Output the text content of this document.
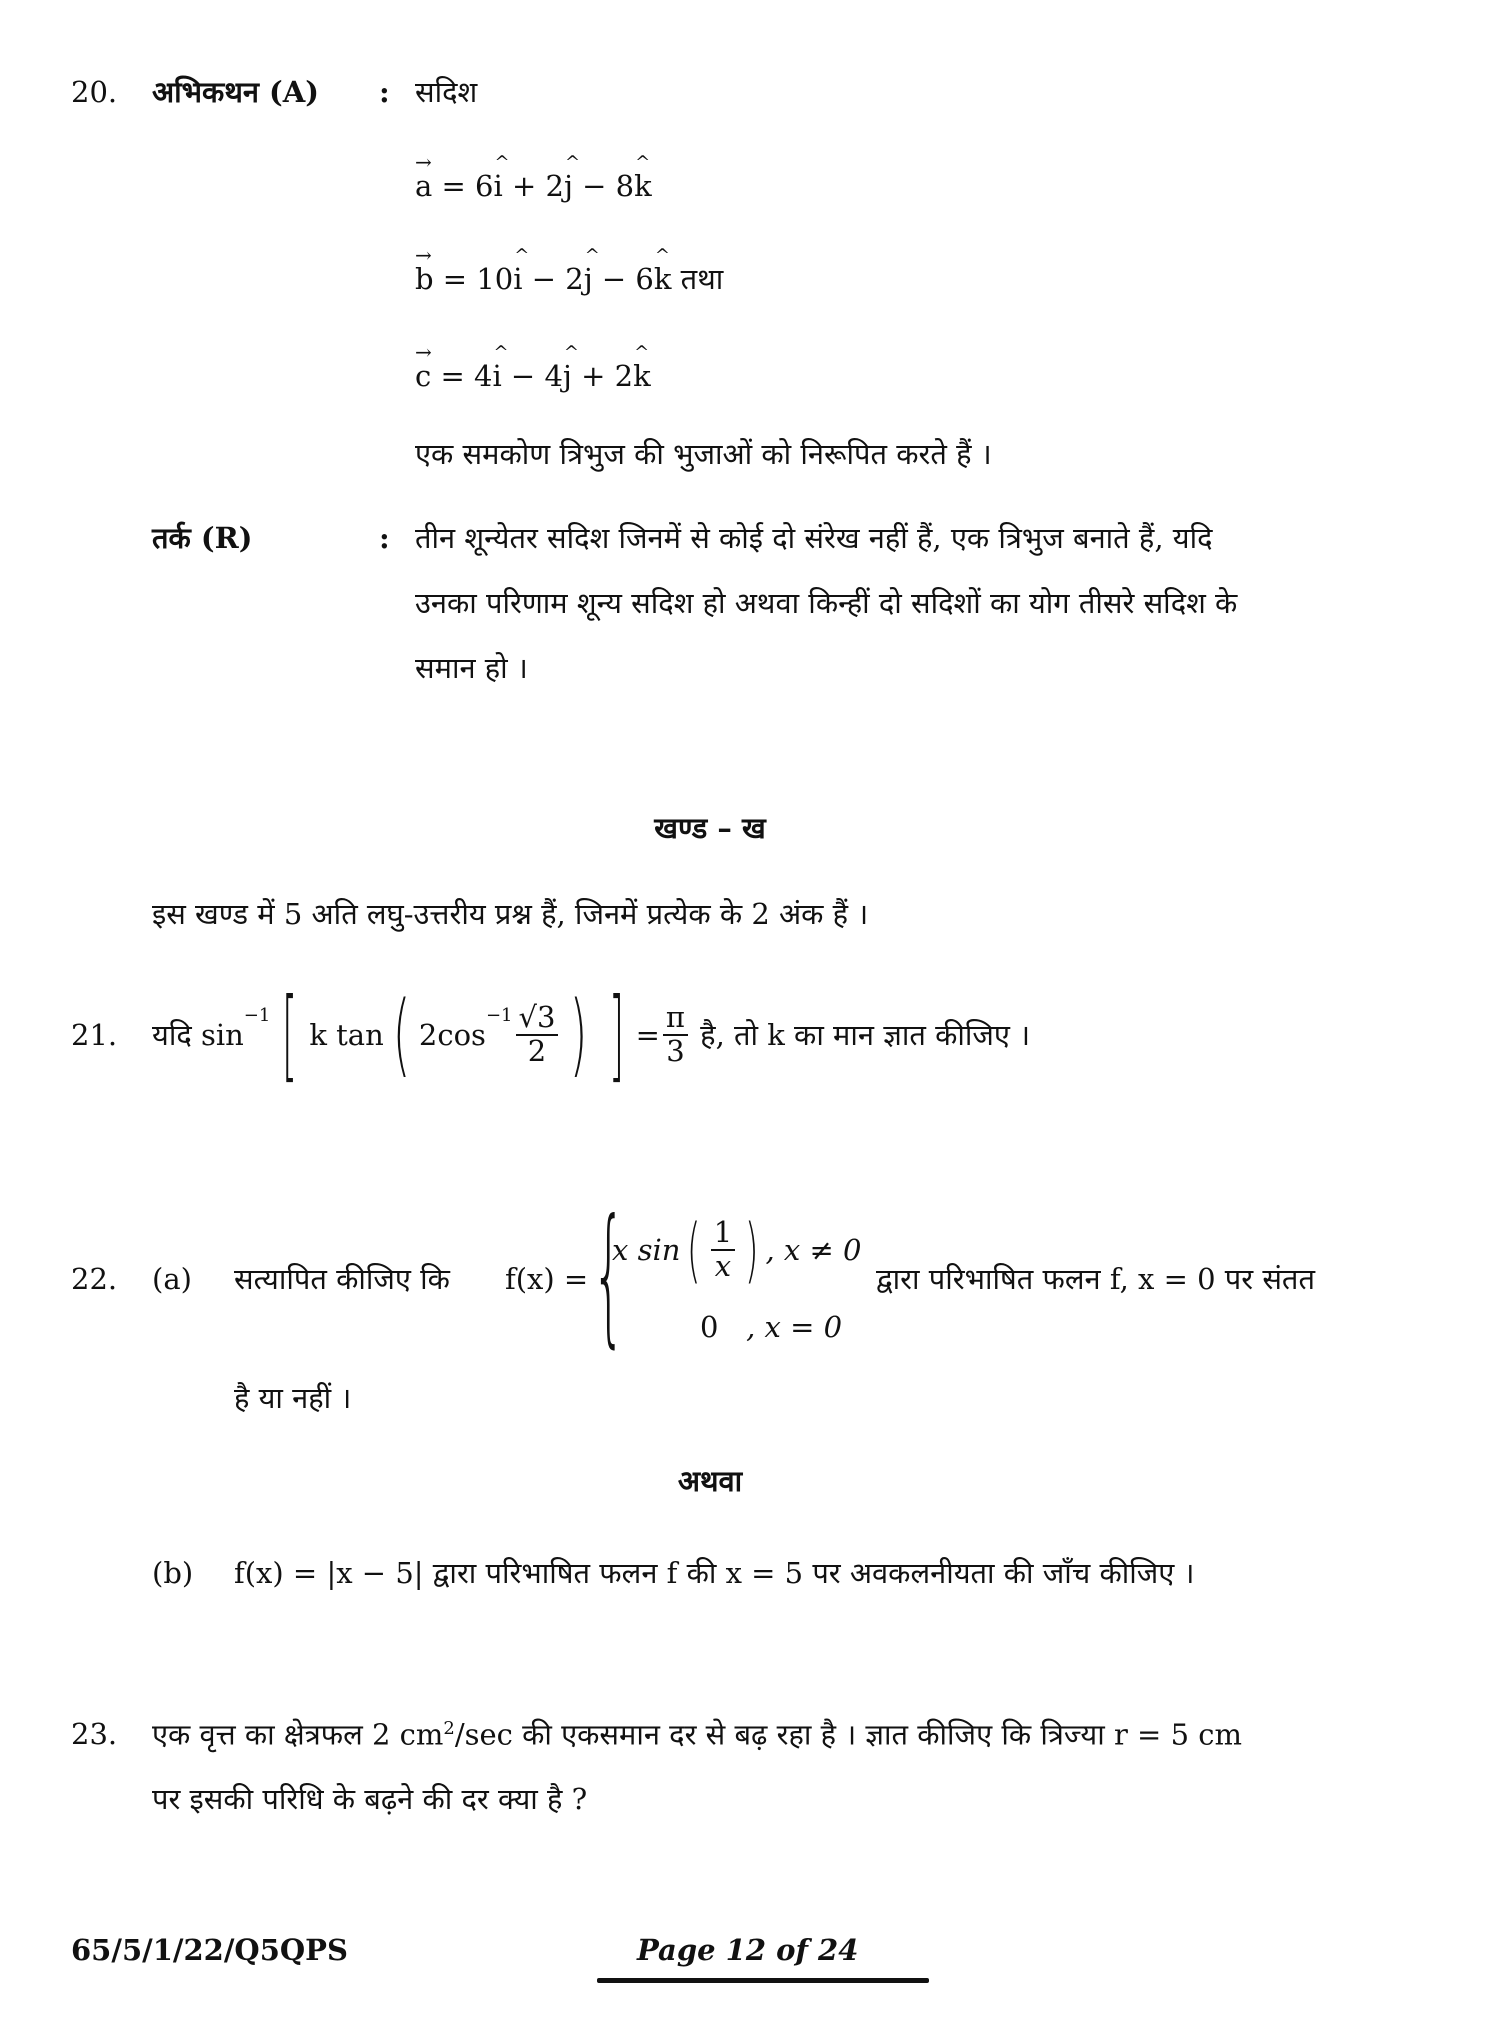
20. अभिकथन (A) : सदिश
→ a = 6i + 2j − 8k
→ b = 10^ i − 2^ j − 6^ k तथा
→ c = 4^ i − 4^ j + 2^ k
एक समकोण त्रिभुज की भुजाओं को निरूपित करते हैं ।
तर्क (R)	: तीन शून्येतर सदिश जिनमें से कोई दो संरेख नहीं हैं, एक त्रिभुज बनाते हैं, यदि
उनका परिणाम शून्य सदिश हो अथवा किन्हीं दो सदिशों का योग तीसरे सदिश के
समान हो ।
खण्ड – ख
इस खण्ड में 5 अति लघु-उत्तरीय प्रश्न हैं, जिनमें प्रत्येक के 2 अंक हैं ।
21. यदि
sin
$^{-1}$ [ k tan ( 2cos
$^{-1} \frac{√3}{2}$ ) ] = $\frac{\pi}{3}$
है, तो k का मान ज्ञात कीजिए ।
22. (a) सत्यापित कीजिए कि f(x) = {
x sin ( $\frac{1}{x}$ ) , x ≠ 0
0 , x = 0
द्वारा परिभाषित फलन f, x = 0 पर संतत
है या नहीं ।
अथवा
(b) f(x) = |x − 5| द्वारा परिभाषित फलन f की x = 5 पर अवकलनीयता की जाँच कीजिए ।
23. एक वृत्त का क्षेत्रफल 2 $cm^2/\sec$ की एकसमान दर से बढ़ रहा है । ज्ञात कीजिए कि त्रिज्या r = 5 cm
पर इसकी परिधि के बढ़ने की दर क्या है ?
65/5/1/22/Q5QPS	Page 12 of 24
